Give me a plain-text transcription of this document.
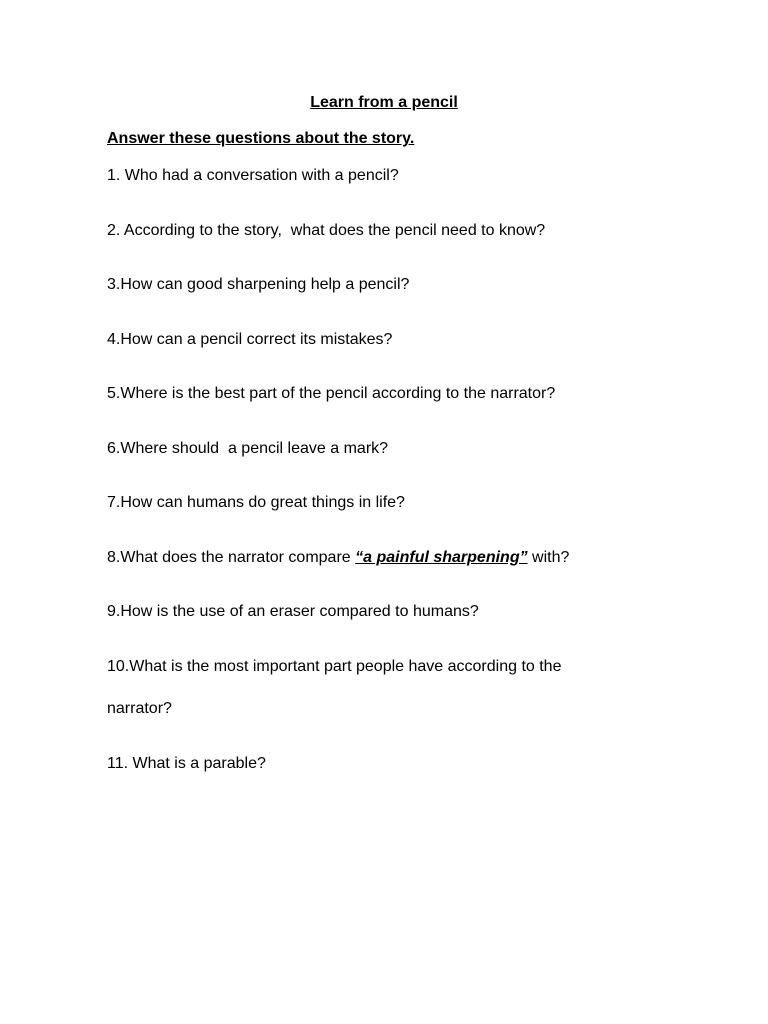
Learn from a pencil
Answer these questions about the story.
1. Who had a conversation with a pencil?
2. According to the story,  what does the pencil need to know?
3.How can good sharpening help a pencil?
4.How can a pencil correct its mistakes?
5.Where is the best part of the pencil according to the narrator?
6.Where should  a pencil leave a mark?
7.How can humans do great things in life?
8.What does the narrator compare “a painful sharpening” with?
9.How is the use of an eraser compared to humans?
10.What is the most important part people have according to the
narrator?
11. What is a parable?
